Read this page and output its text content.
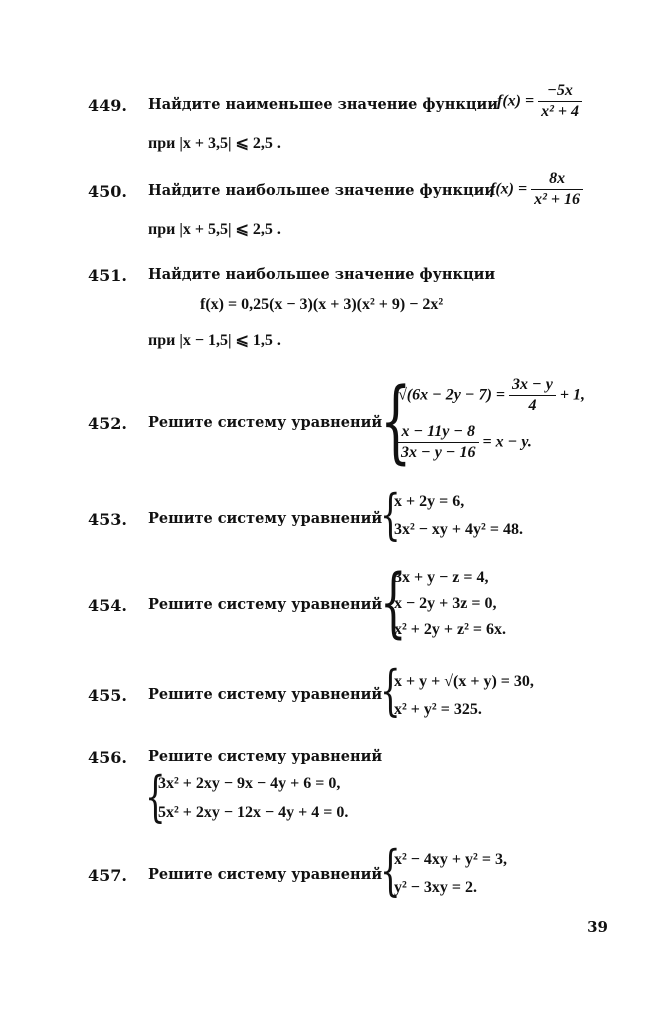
449. Найдите наименьшее значение функции
$f(x) = \frac{-5x}{\text{x² + 4}}$
при |x + 3,5| ⩽ 2,5 .
450. Найдите наибольшее значение функции
$f(x) = \frac{8x}{\text{x² + 16}}$
при |x + 5,5| ⩽ 2,5 .
451. Найдите наибольшее значение функции
f(x) = 0,25(x − 3)(x + 3)(x² + 9) − 2x²
при |x − 1,5| ⩽ 1,5 .
452. Решите систему уравнений
{
$√(6x - 2y - 7) = \frac{3x - y}{4} + 1$,
$\frac{x - 11y - 8}{3x - y - 16} = x - y$.
453. Решите систему уравнений
{
x + 2y = 6,
3x² − xy + 4y² = 48.
454. Решите систему уравнений
{
3x + y − z = 4,
x − 2y + 3z = 0,
x² + 2y + z² = 6x.
455. Решите систему уравнений
{
x + y + √(x + y) = 30,
x² + y² = 325.
456. Решите систему уравнений
{
3x² + 2xy − 9x − 4y + 6 = 0,
5x² + 2xy − 12x − 4y + 4 = 0.
457. Решите систему уравнений
{
x² − 4xy + y² = 3,
y² − 3xy = 2.
39
